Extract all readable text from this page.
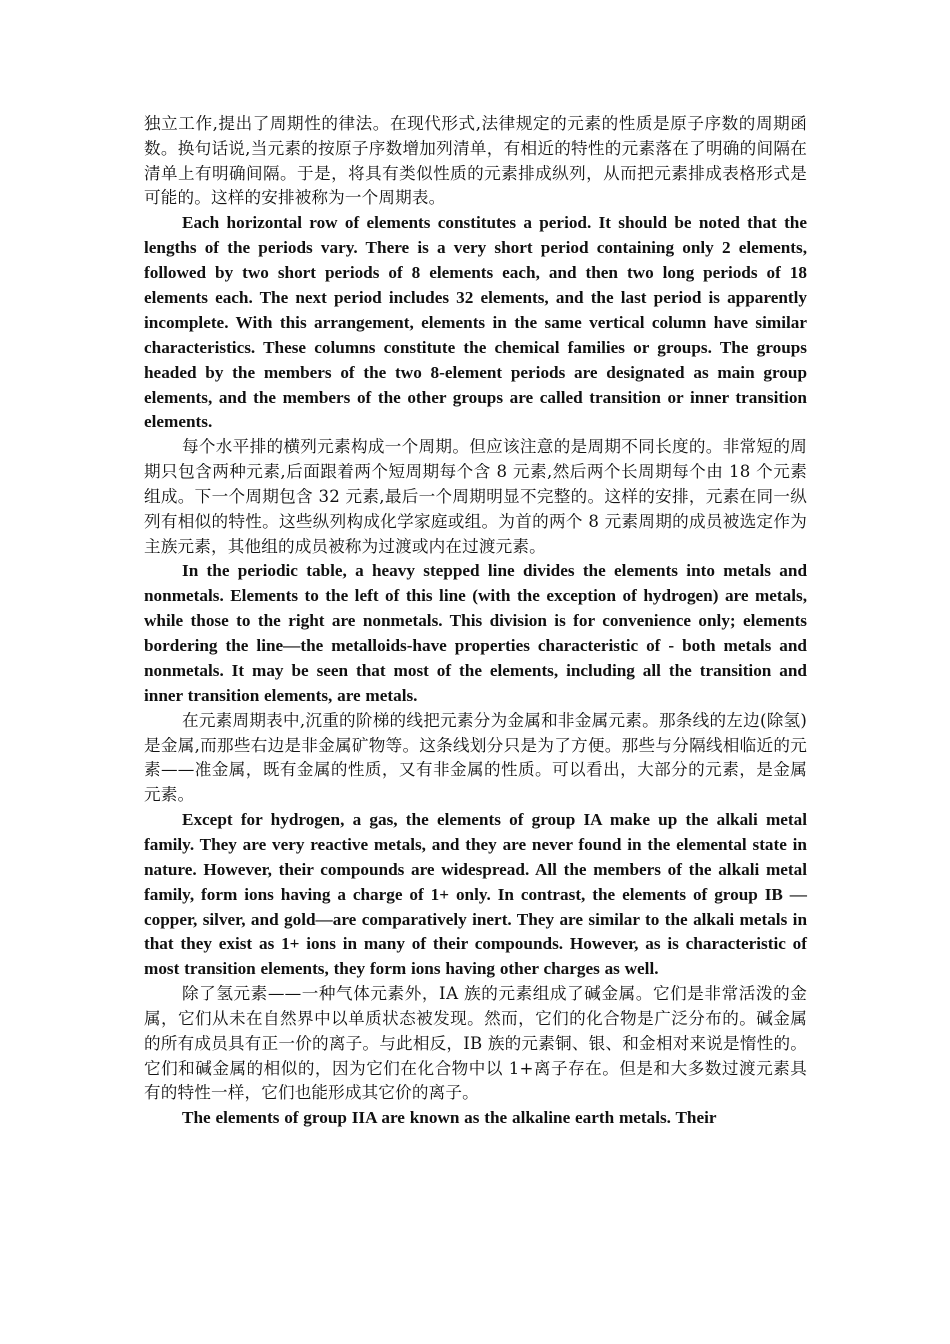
独立工作,提出了周期性的律法。在现代形式,法律规定的元素的性质是原子序数的周期函数。换句话说,当元素的按原子序数增加列清单，有相近的特性的元素落在了明确的间隔在清单上有明确间隔。于是，将具有类似性质的元素排成纵列，从而把元素排成表格形式是可能的。这样的安排被称为一个周期表。

Each horizontal row of elements constitutes a period. It should be noted that the lengths of the periods vary. There is a very short period containing only 2 elements, followed by two short periods of 8 elements each, and then two long periods of 18 elements each. The next period includes 32 elements, and the last period is apparently incomplete. With this arrangement, elements in the same vertical column have similar characteristics. These columns constitute the chemical families or groups. The groups headed by the members of the two 8-element periods are designated as main group elements, and the members of the other groups are called transition or inner transition elements.

每个水平排的横列元素构成一个周期。但应该注意的是周期不同长度的。非常短的周期只包含两种元素,后面跟着两个短周期每个含 8 元素,然后两个长周期每个由 18 个元素组成。下一个周期包含 32 元素,最后一个周期明显不完整的。这样的安排，元素在同一纵列有相似的特性。这些纵列构成化学家庭或组。为首的两个 8 元素周期的成员被选定作为主族元素，其他组的成员被称为过渡或内在过渡元素。

In the periodic table, a heavy stepped line divides the elements into metals and nonmetals. Elements to the left of this line (with the exception of hydrogen) are metals, while those to the right are nonmetals. This division is for convenience only; elements bordering the line—the metalloids-have properties characteristic of - both metals and nonmetals. It may be seen that most of the elements, including all the transition and inner transition elements, are metals.

在元素周期表中,沉重的阶梯的线把元素分为金属和非金属元素。那条线的左边(除氢)是金属,而那些右边是非金属矿物等。这条线划分只是为了方便。那些与分隔线相临近的元素——准金属，既有金属的性质，又有非金属的性质。可以看出，大部分的元素，是金属元素。

Except for hydrogen, a gas, the elements of group IA make up the alkali metal family. They are very reactive metals, and they are never found in the elemental state in nature. However, their compounds are widespread. All the members of the alkali metal family, form ions having a charge of 1+ only. In contrast, the elements of group IB —copper, silver, and gold—are comparatively inert. They are similar to the alkali metals in that they exist as 1+ ions in many of their compounds. However, as is characteristic of most transition elements, they form ions having other charges as well.

除了氢元素——一种气体元素外，ⅠA 族的元素组成了碱金属。它们是非常活泼的金属，它们从未在自然界中以单质状态被发现。然而，它们的化合物是广泛分布的。碱金属的所有成员具有正一价的离子。与此相反，ⅠB 族的元素铜、银、和金相对来说是惰性的。它们和碱金属的相似的，因为它们在化合物中以 1+离子存在。但是和大多数过渡元素具有的特性一样，它们也能形成其它价的离子。

The elements of group IIA are known as the alkaline earth metals. Their
